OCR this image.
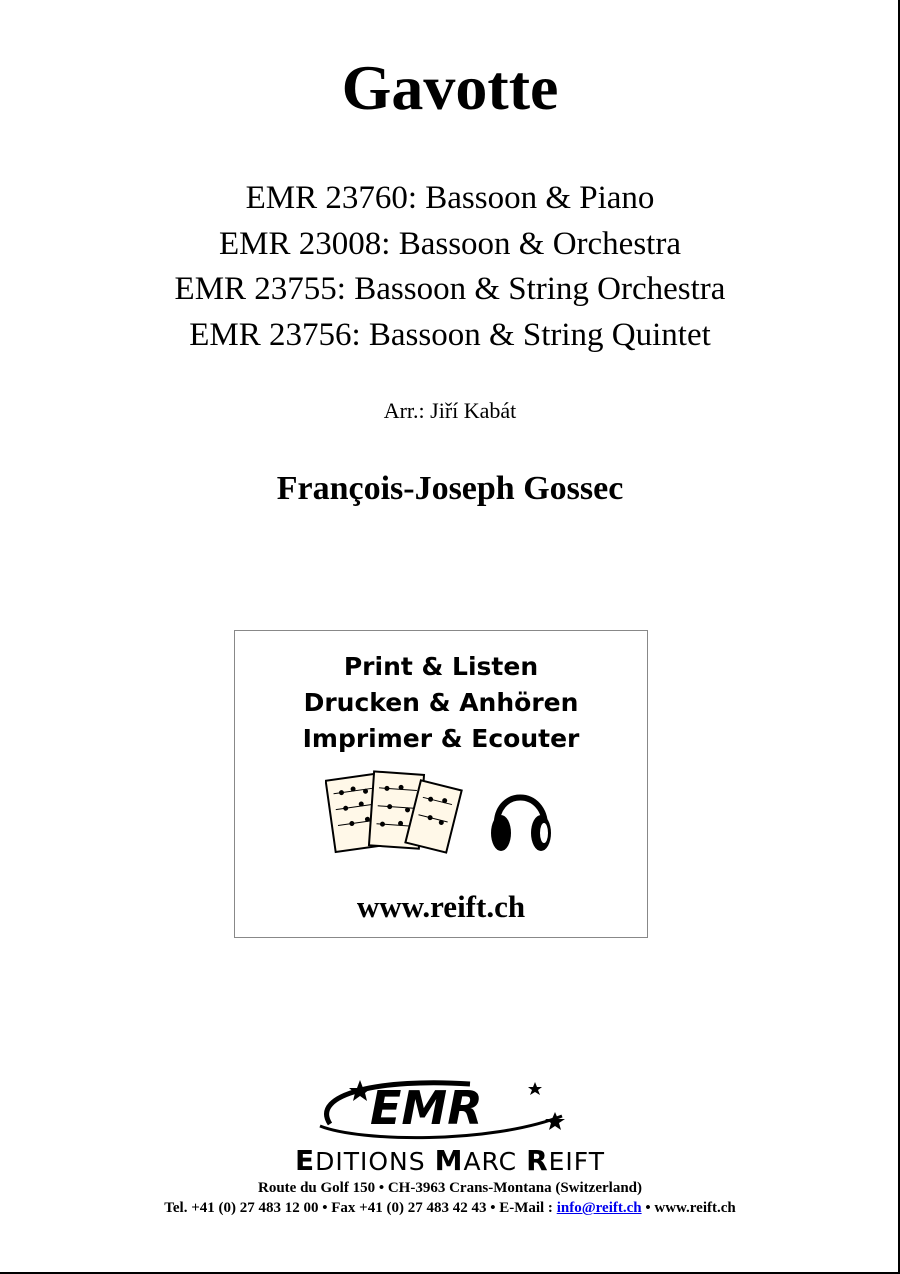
Gavotte
EMR 23760: Bassoon & Piano
EMR 23008: Bassoon & Orchestra
EMR 23755: Bassoon & String Orchestra
EMR 23756: Bassoon & String Quintet
Arr.: Jiří Kabát
François-Joseph Gossec
Print & Listen
Drucken & Anhören
Imprimer & Ecouter
www.reift.ch
EMR
EDITIONS MARC REIFT
Route du Golf 150 • CH-3963 Crans-Montana (Switzerland)
Tel. +41 (0) 27 483 12 00 • Fax +41 (0) 27 483 42 43 • E-Mail : info@reift.ch • www.reift.ch
